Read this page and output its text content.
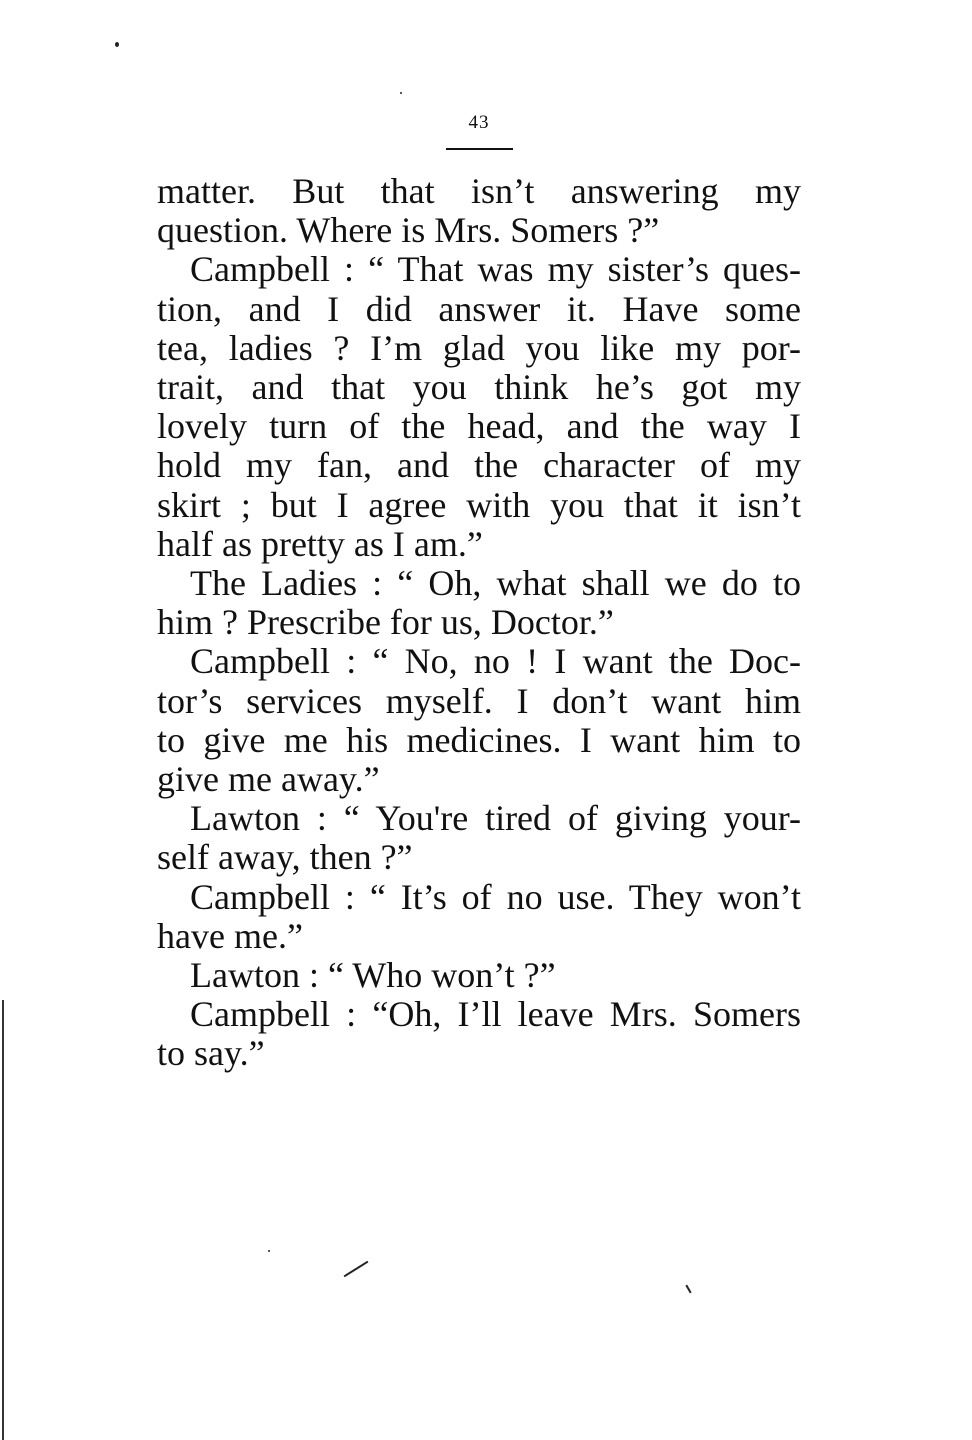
43
matter. But that isn’t answering my
question. Where is Mrs. Somers ?”
Campbell : “ That was my sister’s ques-
tion, and I did answer it. Have some
tea, ladies ? I’m glad you like my por-
trait, and that you think he’s got my
lovely turn of the head, and the way I
hold my fan, and the character of my
skirt ; but I agree with you that it isn’t
half as pretty as I am.”
The Ladies : “ Oh, what shall we do to
him ? Prescribe for us, Doctor.”
Campbell : “ No, no ! I want the Doc-
tor’s services myself. I don’t want him
to give me his medicines. I want him to
give me away.”
Lawton : “ You're tired of giving your-
self away, then ?”
Campbell : “ It’s of no use. They won’t
have me.”
Lawton : “ Who won’t ?”
Campbell : “Oh, I’ll leave Mrs. Somers
to say.”
